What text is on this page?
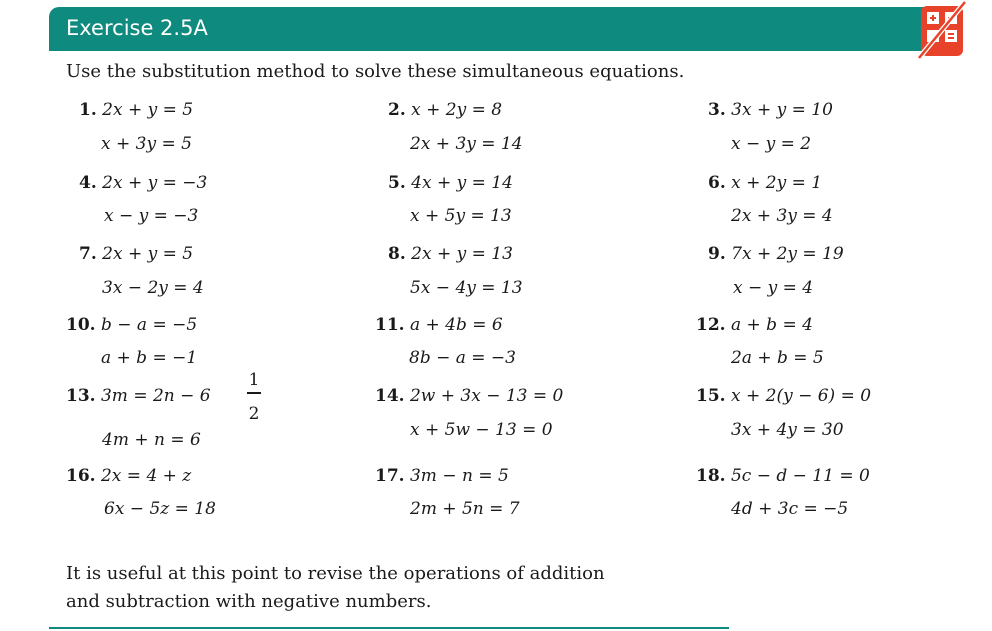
Exercise 2.5A
Use the substitution method to solve these simultaneous equations.
1. 2x + y = 5
x + 3y = 5
2. x + 2y = 8
2x + 3y = 14
3. 3x + y = 10
x − y = 2
4. 2x + y = −3
x − y = −3
5. 4x + y = 14
x + 5y = 13
6. x + 2y = 1
2x + 3y = 4
7. 2x + y = 5
3x − 2y = 4
8. 2x + y = 13
5x − 4y = 13
9. 7x + 2y = 19
x − y = 4
10. b − a = −5
a + b = −1
11. a + 4b = 6
8b − a = −3
12. a + b = 4
2a + b = 5
13. 3m = 2n − 6
1
2
4m + n = 6
14. 2w + 3x − 13 = 0
x + 5w − 13 = 0
15. x + 2(y − 6) = 0
3x + 4y = 30
16. 2x = 4 + z
6x − 5z = 18
17. 3m − n = 5
2m + 5n = 7
18. 5c − d − 11 = 0
4d + 3c = −5
It is useful at this point to revise the operations of addition
and subtraction with negative numbers.
